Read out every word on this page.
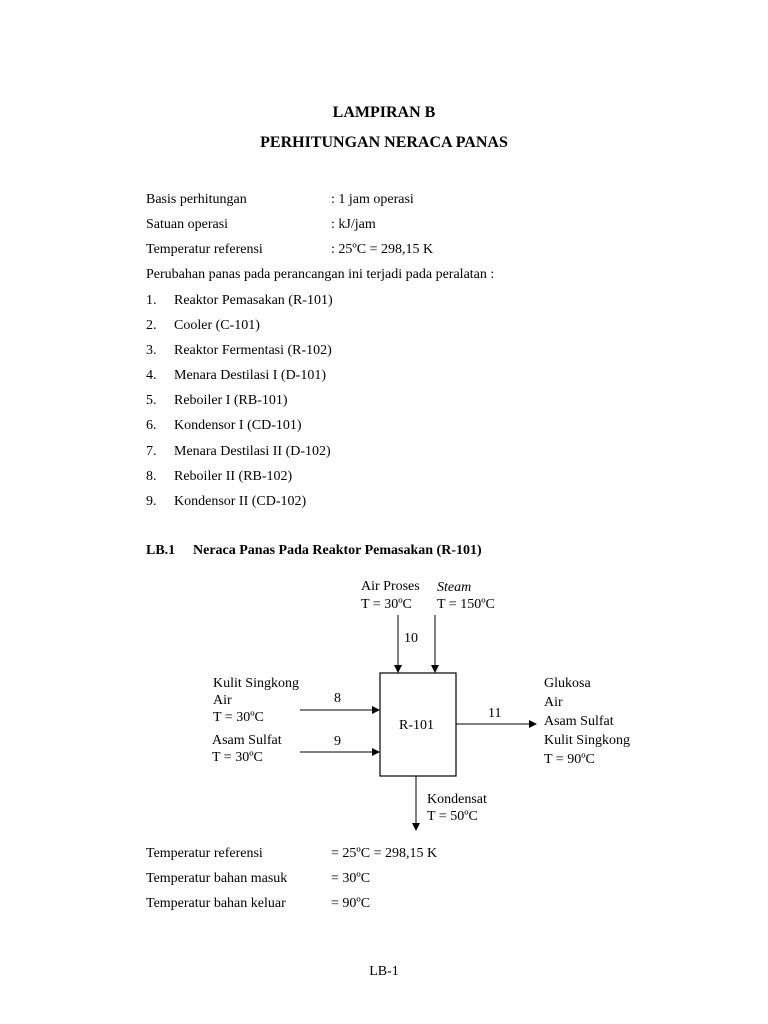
LAMPIRAN B
PERHITUNGAN NERACA PANAS
Basis perhitungan	: 1 jam operasi
Satuan operasi	: kJ/jam
Temperatur referensi	: 25ºC = 298,15 K
Perubahan panas pada perancangan ini terjadi pada peralatan :
1. Reaktor Pemasakan (R-101)
2. Cooler (C-101)
3. Reaktor Fermentasi (R-102)
4. Menara Destilasi I (D-101)
5. Reboiler I (RB-101)
6. Kondensor I (CD-101)
7. Menara Destilasi II (D-102)
8. Reboiler II (RB-102)
9. Kondensor II (CD-102)
LB.1 Neraca Panas Pada Reaktor Pemasakan (R-101)
Air Proses
T = 30ºC
Steam
T = 150ºC
10
Kulit Singkong
Air
T = 30ºC
8
Asam Sulfat
T = 30ºC
9
R-101
11
Glukosa
Air
Asam Sulfat
Kulit Singkong
T = 90ºC
Kondensat
T = 50ºC
Temperatur referensi	= 25ºC = 298,15 K
Temperatur bahan masuk	= 30ºC
Temperatur bahan keluar	= 90ºC
LB-1
